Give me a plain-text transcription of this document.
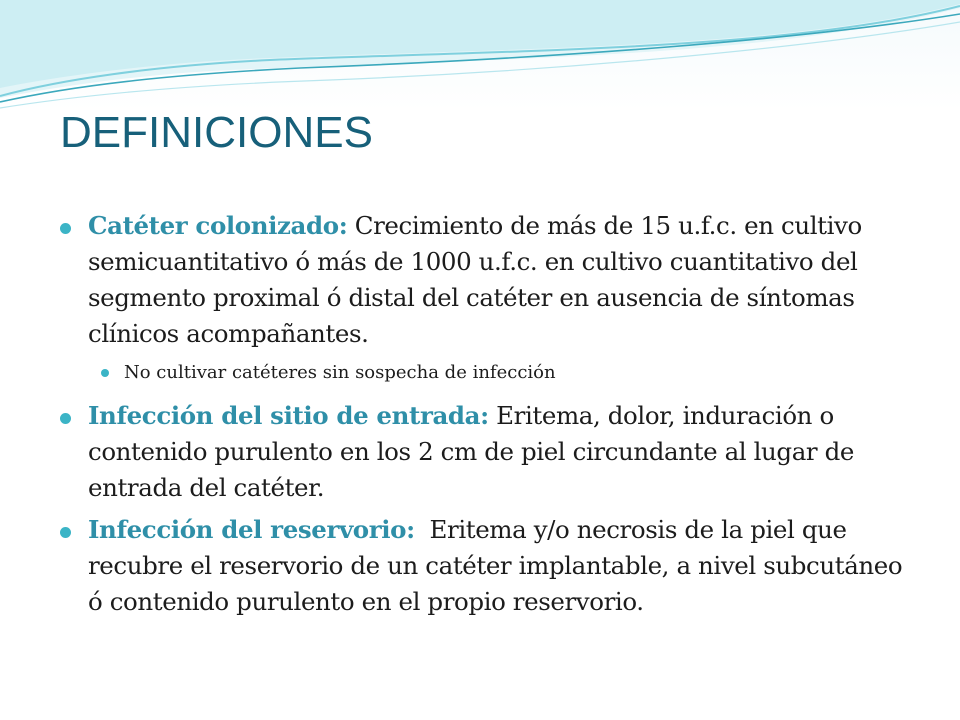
DEFINICIONES
Catéter colonizado: Crecimiento de más de 15 u.f.c. en cultivo semicuantitativo ó más de 1000 u.f.c. en cultivo cuantitativo del segmento proximal ó distal del catéter en ausencia de síntomas clínicos acompañantes.
No cultivar catéteres sin sospecha de infección
Infección del sitio de entrada: Eritema, dolor, induración o contenido purulento en los 2 cm de piel circundante al lugar de entrada del catéter.
Infección del reservorio:  Eritema y/o necrosis de la piel que recubre el reservorio de un catéter implantable, a nivel subcutáneo ó contenido purulento en el propio reservorio.
